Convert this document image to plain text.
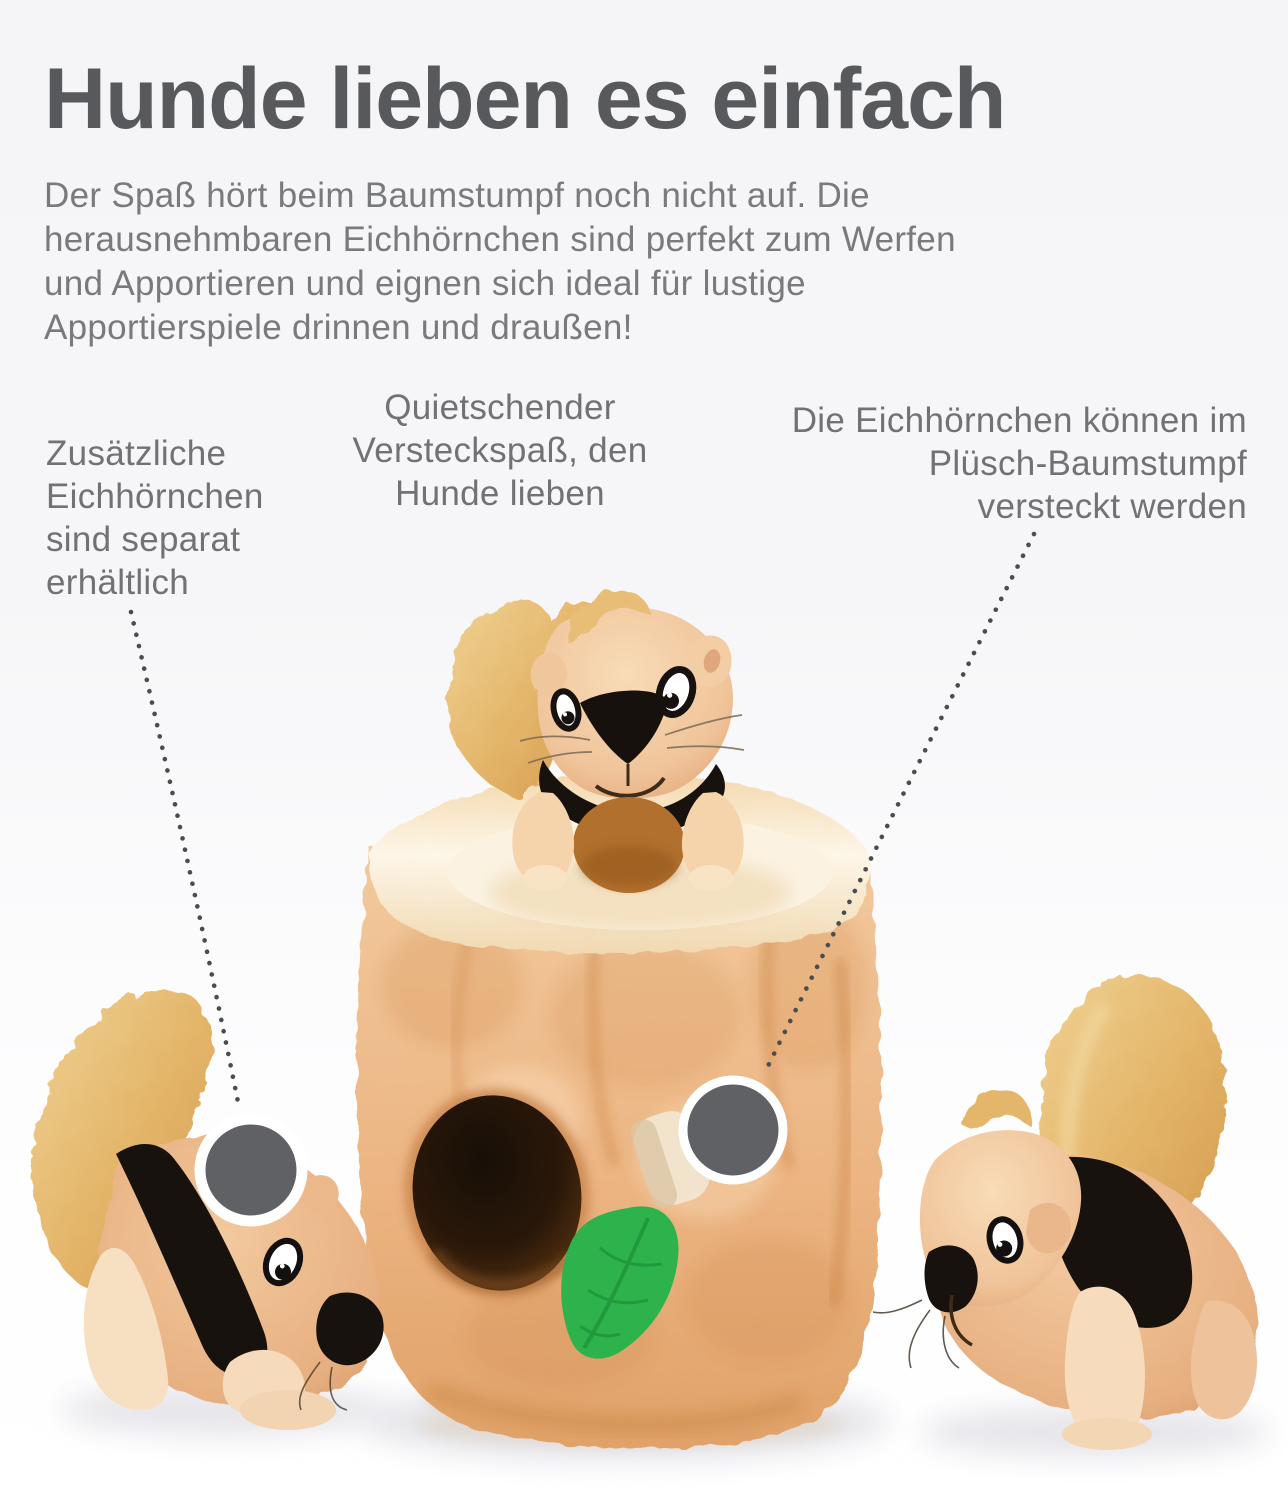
Hunde lieben es einfach
Der Spaß hört beim Baumstumpf noch nicht auf. Die
herausnehmbaren Eichhörnchen sind perfekt zum Werfen
und Apportieren und eignen sich ideal für lustige
Apportierspiele drinnen und draußen!
Zusätzliche
Eichhörnchen
sind separat
erhältlich
Quietschender
Versteckspaß, den
Hunde lieben
Die Eichhörnchen können im
Plüsch-Baumstumpf
versteckt werden
